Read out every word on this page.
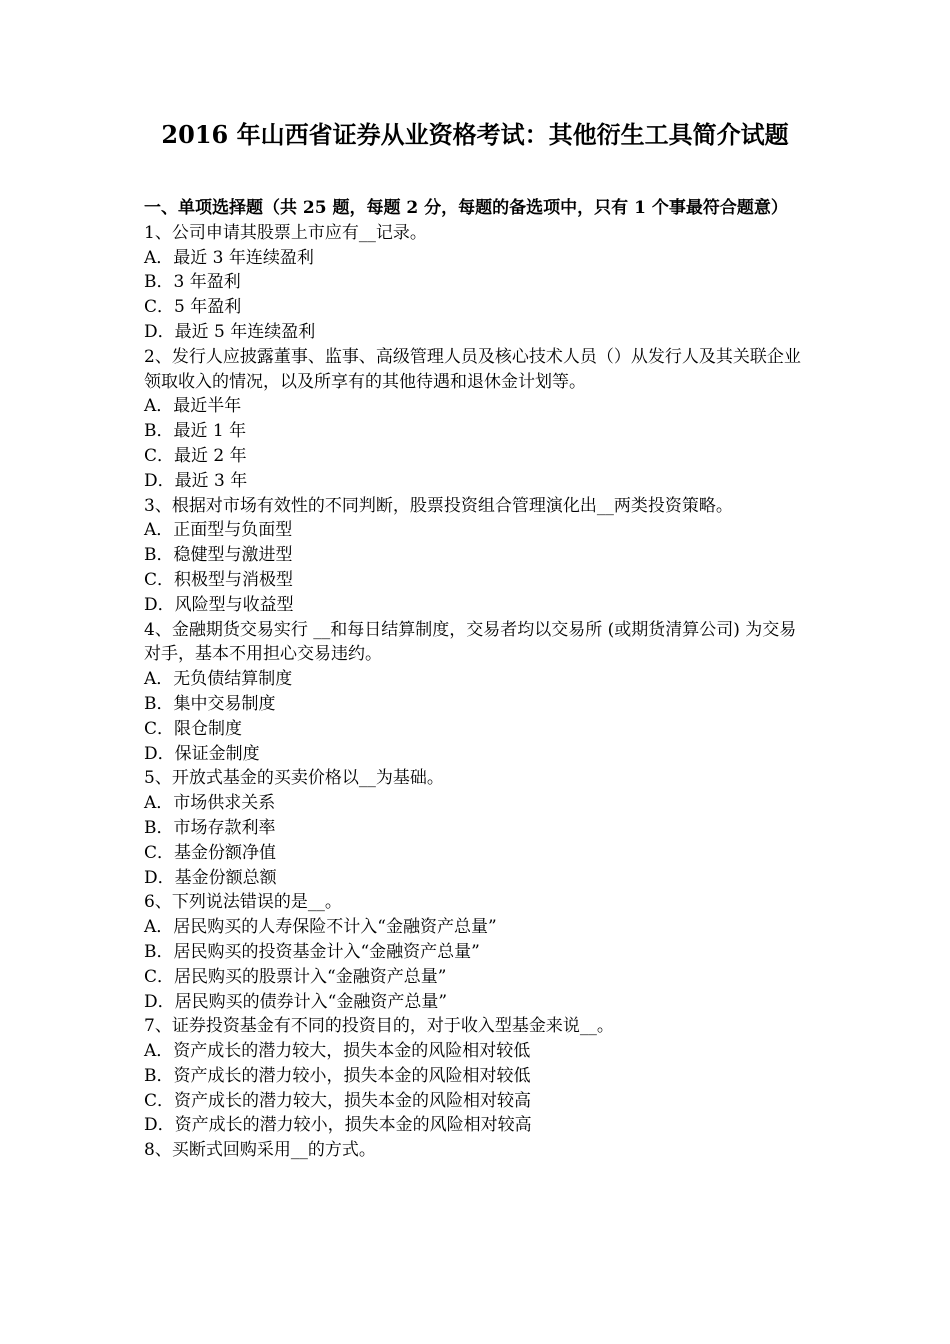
2016 年山西省证券从业资格考试：其他衍生工具简介试题

一、单项选择题（共 25 题，每题 2 分，每题的备选项中，只有 1 个事最符合题意）

1、公司申请其股票上市应有__记录。

A．最近 3 年连续盈利

B．3 年盈利

C．5 年盈利

D．最近 5 年连续盈利

2、发行人应披露董事、监事、高级管理人员及核心技术人员（）从发行人及其关联企业领取收入的情况，以及所享有的其他待遇和退休金计划等。

A．最近半年

B．最近 1 年

C．最近 2 年

D．最近 3 年

3、根据对市场有效性的不同判断，股票投资组合管理演化出__两类投资策略。

A．正面型与负面型

B．稳健型与激进型

C．积极型与消极型

D．风险型与收益型

4、金融期货交易实行 __和每日结算制度，交易者均以交易所 (或期货清算公司) 为交易对手，基本不用担心交易违约。

A．无负债结算制度

B．集中交易制度

C．限仓制度

D．保证金制度

5、开放式基金的买卖价格以__为基础。

A．市场供求关系

B．市场存款利率

C．基金份额净值

D．基金份额总额

6、下列说法错误的是__。

A．居民购买的人寿保险不计入“金融资产总量”

B．居民购买的投资基金计入“金融资产总量”

C．居民购买的股票计入“金融资产总量”

D．居民购买的债券计入“金融资产总量”

7、证券投资基金有不同的投资目的，对于收入型基金来说__。

A．资产成长的潜力较大，损失本金的风险相对较低

B．资产成长的潜力较小，损失本金的风险相对较低

C．资产成长的潜力较大，损失本金的风险相对较高

D．资产成长的潜力较小，损失本金的风险相对较高

8、买断式回购采用__的方式。
